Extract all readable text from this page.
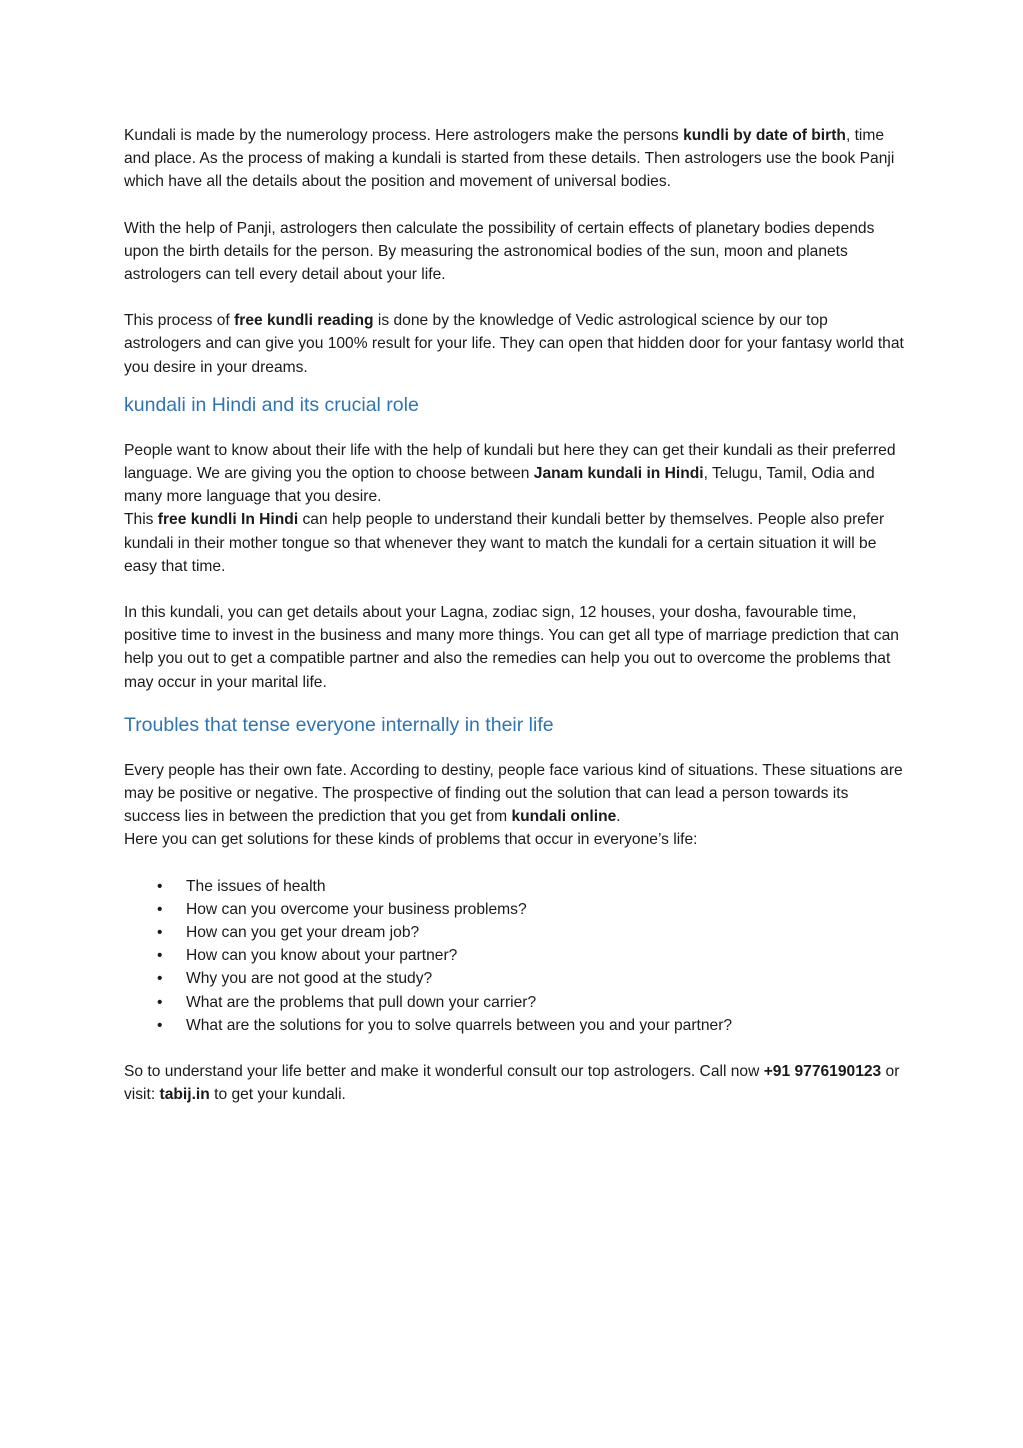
Kundali is made by the numerology process. Here astrologers make the persons kundli by date of birth, time and place. As the process of making a kundali is started from these details. Then astrologers use the book Panji which have all the details about the position and movement of universal bodies.

With the help of Panji, astrologers then calculate the possibility of certain effects of planetary bodies depends upon the birth details for the person. By measuring the astronomical bodies of the sun, moon and planets astrologers can tell every detail about your life.

This process of free kundli reading is done by the knowledge of Vedic astrological science by our top astrologers and can give you 100% result for your life. They can open that hidden door for your fantasy world that you desire in your dreams.

kundali in Hindi and its crucial role

People want to know about their life with the help of kundali but here they can get their kundali as their preferred language. We are giving you the option to choose between Janam kundali in Hindi, Telugu, Tamil, Odia and many more language that you desire.

This free kundli In Hindi can help people to understand their kundali better by themselves. People also prefer kundali in their mother tongue so that whenever they want to match the kundali for a certain situation it will be easy that time.

In this kundali, you can get details about your Lagna, zodiac sign, 12 houses, your dosha, favourable time, positive time to invest in the business and many more things. You can get all type of marriage prediction that can help you out to get a compatible partner and also the remedies can help you out to overcome the problems that may occur in your marital life.

Troubles that tense everyone internally in their life

Every people has their own fate. According to destiny, people face various kind of situations. These situations are may be positive or negative. The prospective of finding out the solution that can lead a person towards its success lies in between the prediction that you get from kundali online.

Here you can get solutions for these kinds of problems that occur in everyone’s life:

• The issues of health
• How can you overcome your business problems?
• How can you get your dream job?
• How can you know about your partner?
• Why you are not good at the study?
• What are the problems that pull down your carrier?
• What are the solutions for you to solve quarrels between you and your partner?

So to understand your life better and make it wonderful consult our top astrologers. Call now +91 9776190123 or visit: tabij.in to get your kundali.
